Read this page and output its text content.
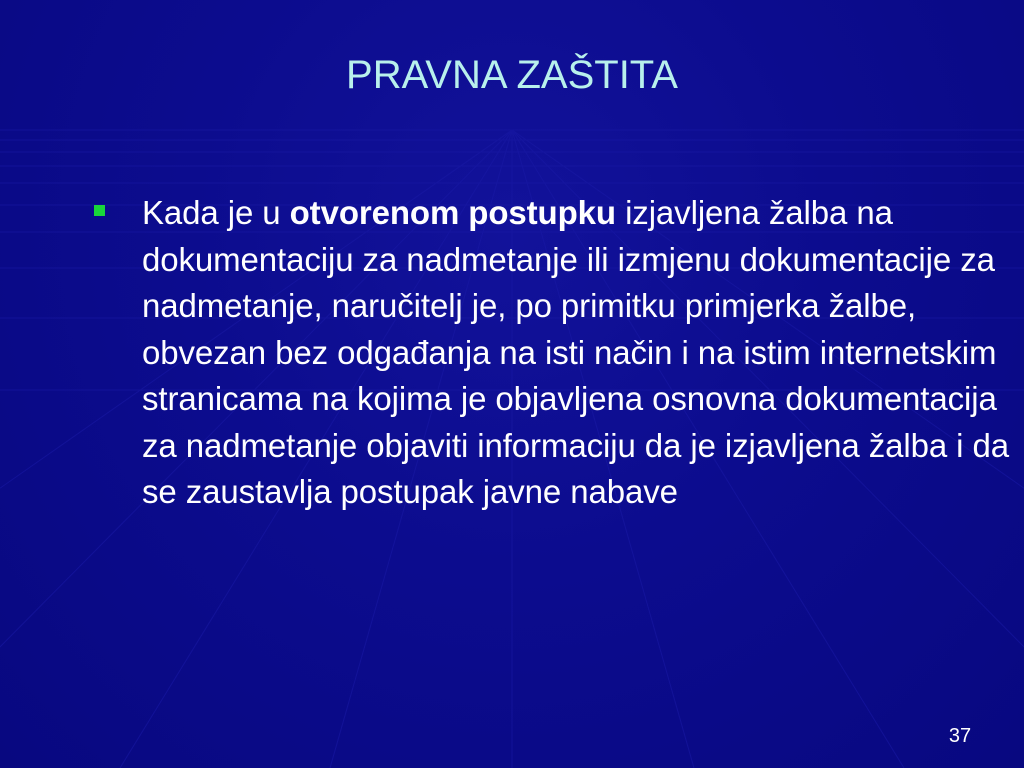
PRAVNA ZAŠTITA
Kada je u otvorenom postupku izjavljena žalba na dokumentaciju za nadmetanje ili izmjenu dokumentacije za nadmetanje, naručitelj je, po primitku primjerka žalbe, obvezan bez odgađanja na isti način i na istim internetskim stranicama na kojima je objavljena osnovna dokumentacija za nadmetanje objaviti informaciju da je izjavljena žalba i da se zaustavlja postupak javne nabave
37
